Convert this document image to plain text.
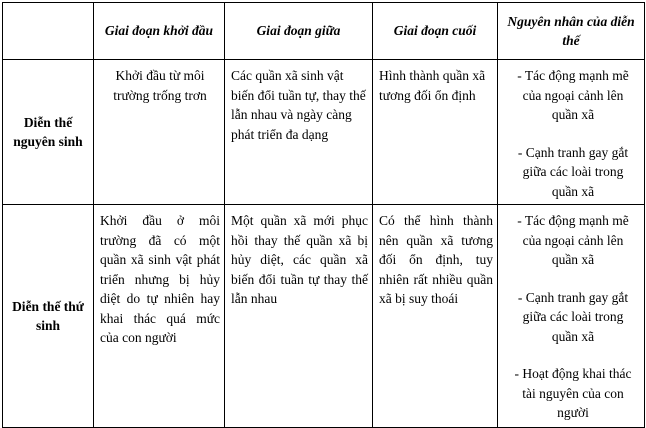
	Giai đoạn khởi đầu	Giai đoạn giữa	Giai đoạn cuối	Nguyên nhân của diễn thế
Diễn thế nguyên sinh	Khởi đầu từ môi trường trống trơn	Các quần xã sinh vật biến đổi tuần tự, thay thế lẫn nhau và ngày càng phát triển đa dạng	Hình thành quần xã tương đối ổn định	- Tác động mạnh mẽ của ngoại cảnh lên quần xã

- Cạnh tranh gay gắt giữa các loài trong quần xã

Diễn thế thứ sinh	Khởi đầu ở môi trường đã có một quần xã sinh vật phát triển nhưng bị hủy diệt do tự nhiên hay khai thác quá mức của con người	Một quần xã mới phục hồi thay thế quần xã bị hủy diệt, các quần xã biến đổi tuần tự thay thế lẫn nhau	Có thể hình thành nên quần xã tương đối ổn định, tuy nhiên rất nhiều quần xã bị suy thoái	- Tác động mạnh mẽ của ngoại cảnh lên quần xã

- Cạnh tranh gay gắt giữa các loài trong quần xã

- Hoạt động khai thác tài nguyên của con người
